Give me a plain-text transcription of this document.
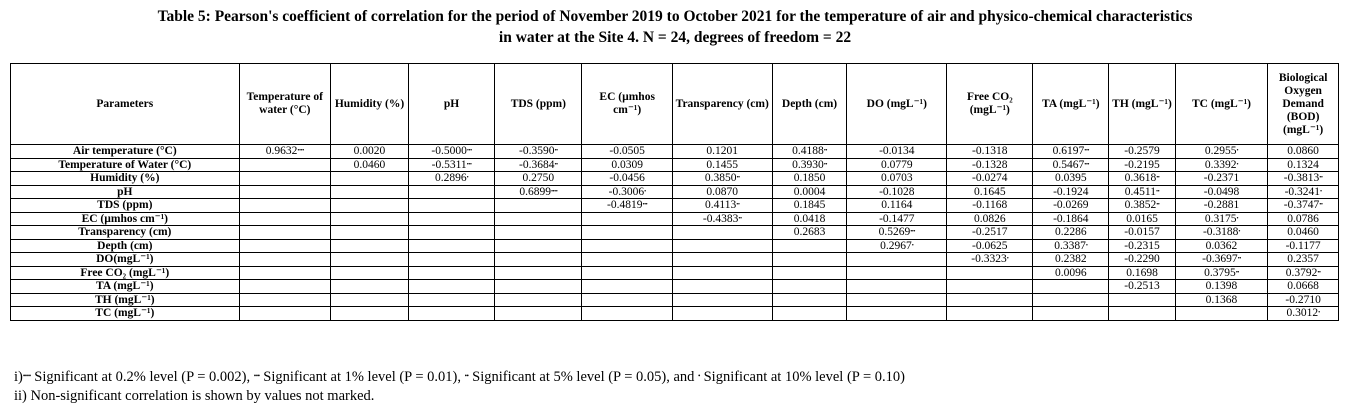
Table 5: Pearson's coefficient of correlation for the period of November 2019 to October 2021 for the temperature of air and physico-chemical characteristics
in water at the Site 4. N = 24, degrees of freedom = 22
Parameters	Temperature of water (°C)	Humidity (%)	pH	TDS (ppm)	EC (µmhos cm⁻¹)	Transparency (cm)	Depth (cm)	DO (mgL⁻¹)	Free CO₂ (mgL⁻¹)	TA (mgL⁻¹)	TH (mgL⁻¹)	TC (mgL⁻¹)	Biological Oxygen Demand (BOD) (mgL⁻¹)
Air temperature (°C)	0.9632••••	0.0020	-0.5000•••	-0.3590••	-0.0505	0.1201	0.4188••	-0.0134	-0.1318	0.6197•••	-0.2579	0.2955•	0.0860
Temperature of Water (°C)		0.0460	-0.5311•••	-0.3684••	0.0309	0.1455	0.3930••	0.0779	-0.1328	0.5467•••	-0.2195	0.3392•	0.1324
Humidity (%)			0.2896•	0.2750	-0.0456	0.3850••	0.1850	0.0703	-0.0274	0.0395	0.3618••	-0.2371	-0.3813••
pH				0.6899••••	-0.3006•	0.0870	0.0004	-0.1028	0.1645	-0.1924	0.4511••	-0.0498	-0.3241•
TDS (ppm)					-0.4819•••	0.4113••	0.1845	0.1164	-0.1168	-0.0269	0.3852••	-0.2881	-0.3747••
EC (µmhos cm⁻¹)						-0.4383••	0.0418	-0.1477	0.0826	-0.1864	0.0165	0.3175•	0.0786
Transparency (cm)							0.2683	0.5269•••	-0.2517	0.2286	-0.0157	-0.3188•	0.0460
Depth (cm)								0.2967•	-0.0625	0.3387•	-0.2315	0.0362	-0.1177
DO(mgL⁻¹)									-0.3323•	0.2382	-0.2290	-0.3697••	0.2357
Free CO₂ (mgL⁻¹)										0.0096	0.1698	0.3795••	0.3792••
TA (mgL⁻¹)											-0.2513	0.1398	0.0668
TH (mgL⁻¹)												0.1368	-0.2710
TC (mgL⁻¹)													0.3012•
i)•••• Significant at 0.2% level (P = 0.002), ••• Significant at 1% level (P = 0.01), •• Significant at 5% level (P = 0.05), and • Significant at 10% level (P = 0.10)
ii) Non-significant correlation is shown by values not marked.
